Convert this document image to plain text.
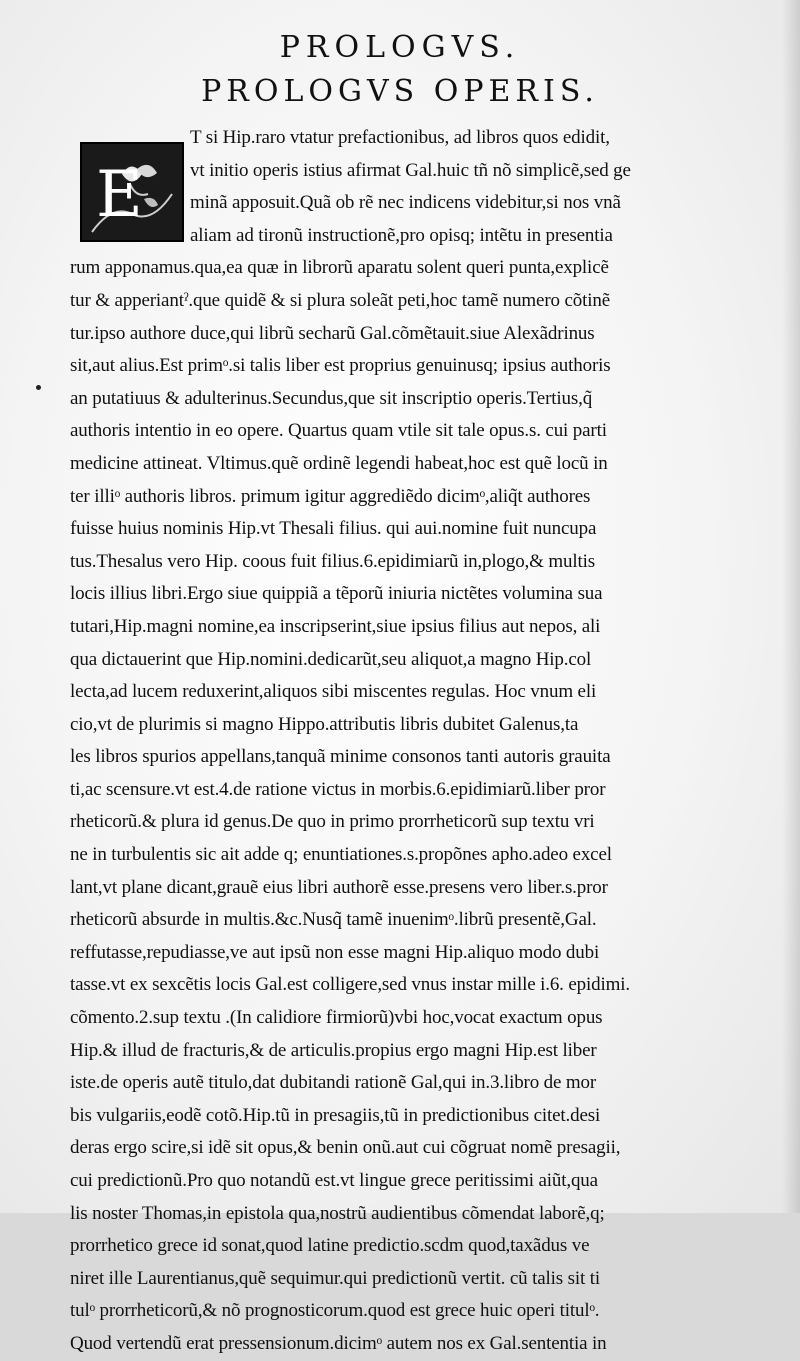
PROLOGVS.
PROLOGVS OPERIS.
E
T si Hip.raro vtatur prefactionibus, ad libros quos edidit,
vt initio operis istius afirmat Gal.huic tñ nõ simplicẽ,sed ge
minã apposuit.Quã ob rẽ nec indicens videbitur,si nos vnã
aliam ad tironũ instructionẽ,pro opisq; intẽtu in presentia
rum apponamus.qua,ea quæ in librorũ aparatu solent queri punta,explicẽ
tur & apperiantˀ.que quidẽ & si plura soleãt peti,hoc tamẽ numero cõtinẽ
tur.ipso authore duce,qui librũ secharũ Gal.cõmẽtauit.siue Alexãdrinus
sit,aut alius.Est primᵒ.si talis liber est proprius genuinusq; ipsius authoris
an putatiuus & adulterinus.Secundus,que sit inscriptio operis.Tertius,q̃
authoris intentio in eo opere. Quartus quam vtile sit tale opus.s. cui parti
medicine attineat. Vltimus.quẽ ordinẽ legendi habeat,hoc est quẽ locũ in
ter illiᵒ authoris libros. primum igitur aggrediẽdo dicimᵒ,aliq̃t authores
fuisse huius nominis Hip.vt Thesali filius. qui aui.nomine fuit nuncupa
tus.Thesalus vero Hip. coous fuit filius.6.epidimiarũ in,plogo,& multis
locis illius libri.Ergo siue quippiã a tẽporũ iniuria nictẽtes volumina sua
tutari,Hip.magni nomine,ea inscripserint,siue ipsius filius aut nepos, ali
qua dictauerint que Hip.nomini.dedicarũt,seu aliquot,a magno Hip.col
lecta,ad lucem reduxerint,aliquos sibi miscentes regulas. Hoc vnum eli
cio,vt de plurimis si magno Hippo.attributis libris dubitet Galenus,ta
les libros spurios appellans,tanquã minime consonos tanti autoris grauita
ti,ac scensure.vt est.4.de ratione victus in morbis.6.epidimiarũ.liber pror
rheticorũ.& plura id genus.De quo in primo prorrheticorũ sup textu vri
ne in turbulentis sic ait adde q; enuntiationes.s.propõnes apho.adeo excel
lant,vt plane dicant,grauẽ eius libri authorẽ esse.presens vero liber.s.pror
rheticorũ absurde in multis.&c.Nusq̃ tamẽ inuenimᵒ.librũ presentẽ,Gal.
reffutasse,repudiasse,ve aut ipsũ non esse magni Hip.aliquo modo dubi
tasse.vt ex sexcẽtis locis Gal.est colligere,sed vnus instar mille i.6. epidimi.
cõmento.2.sup textu .(In calidiore firmiorũ)vbi hoc,vocat exactum opus
Hip.& illud de fracturis,& de articulis.propius ergo magni Hip.est liber
iste.de operis autẽ titulo,dat dubitandi rationẽ Gal,qui in.3.libro de mor
bis vulgariis,eodẽ cotõ.Hip.tũ in presagiis,tũ in predictionibus citet.desi
deras ergo scire,si idẽ sit opus,& benin onũ.aut cui cõgruat nomẽ presagii,
cui predictionũ.Pro quo notandũ est.vt lingue grece peritissimi aiũt,qua
lis noster Thomas,in epistola qua,nostrũ audientibus cõmendat laborẽ,q;
prorrhetico grece id sonat,quod latine predictio.scdm quod,taxãdus ve
niret ille Laurentianus,quẽ sequimur.qui predictionũ vertit. cũ talis sit ti
tulᵒ prorrheticorũ,& nõ prognosticorum.quod est grece huic operi titulᵒ.
Quod vertendũ erat pressensionum.dicimᵒ autem nos ex Gal.sententia in
